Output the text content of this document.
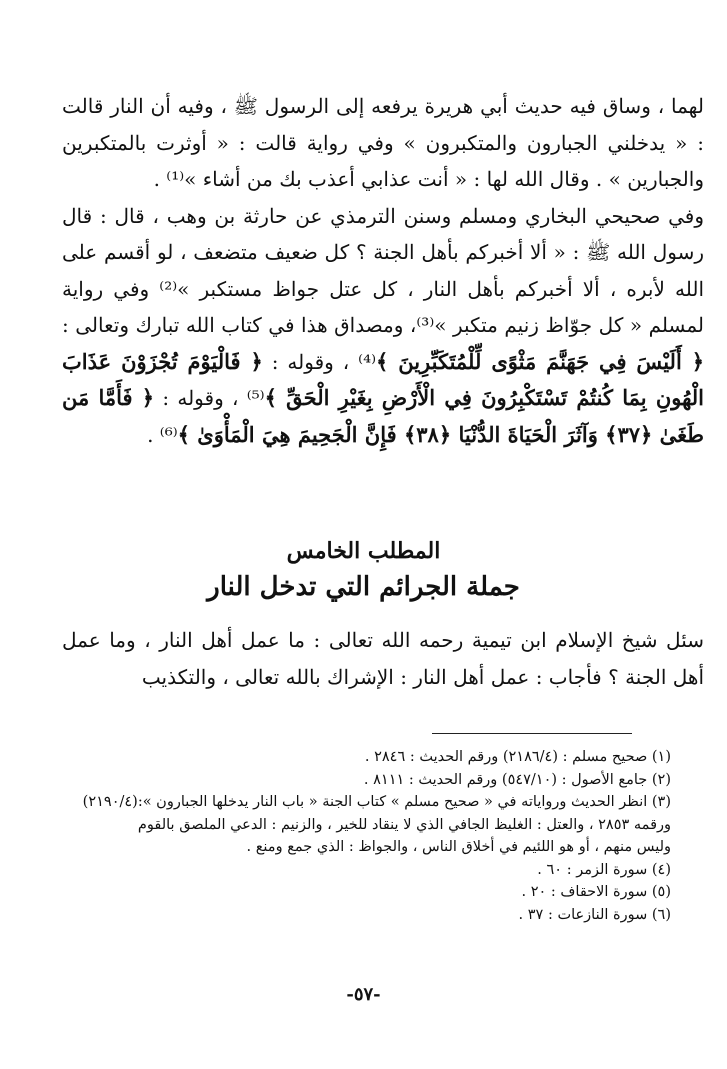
لهما ، وساق فيه حديث أبي هريرة يرفعه إلى الرسول ﷺ ، وفيه أن النار قالت : « يدخلني الجبارون والمتكبرون » وفي رواية قالت : « أوثرت بالمتكبرين والجبارين » . وقال الله لها : « أنت عذابي أعذب بك من أشاء »⁽¹⁾ .

وفي صحيحي البخاري ومسلم وسنن الترمذي عن حارثة بن وهب ، قال : قال رسول الله ﷺ : « ألا أخبركم بأهل الجنة ؟ كل ضعيف متضعف ، لو أقسم على الله لأبره ، ألا أخبركم بأهل النار ، كل عتل جواظ مستكبر »⁽²⁾ وفي رواية لمسلم « كل جوّاظ زنيم متكبر »⁽³⁾، ومصداق هذا في كتاب الله تبارك وتعالى : ﴿ أَلَيْسَ فِي جَهَنَّمَ مَثْوًى لِّلْمُتَكَبِّرِينَ ﴾⁽⁴⁾ ، وقوله : ﴿ فَالْيَوْمَ تُجْزَوْنَ عَذَابَ الْهُونِ بِمَا كُنتُمْ تَسْتَكْبِرُونَ فِي الْأَرْضِ بِغَيْرِ الْحَقِّ ﴾⁽⁵⁾ ، وقوله : ﴿ فَأَمَّا مَن طَغَىٰ ﴿٣٧﴾ وَآثَرَ الْحَيَاةَ الدُّنْيَا ﴿٣٨﴾ فَإِنَّ الْجَحِيمَ هِيَ الْمَأْوَىٰ ﴾⁽⁶⁾ .

المطلب الخامس
جملة الجرائم التي تدخل النار

سئل شيخ الإسلام ابن تيمية رحمه الله تعالى : ما عمل أهل النار ، وما عمل أهل الجنة ؟ فأجاب : عمل أهل النار : الإشراك بالله تعالى ، والتكذيب

(١) صحيح مسلم : (٢١٨٦/٤) ورقم الحديث : ٢٨٤٦ .

(٢) جامع الأصول : (٥٤٧/١٠) ورقم الحديث : ٨١١١ .

(٣) انظر الحديث ورواياته في « صحيح مسلم » كتاب الجنة « باب النار يدخلها الجبارون »:(٢١٩٠/٤)

ورقمه ٢٨٥٣ ، والعتل : الغليظ الجافي الذي لا ينقاد للخير ، والزنيم : الدعي الملصق بالقوم

وليس منهم ، أو هو اللئيم في أخلاق الناس ، والجواظ : الذي جمع ومنع .

(٤) سورة الزمر : ٦٠ .

(٥) سورة الاحقاف : ٢٠ .

(٦) سورة النازعات : ٣٧ .

-٥٧-
